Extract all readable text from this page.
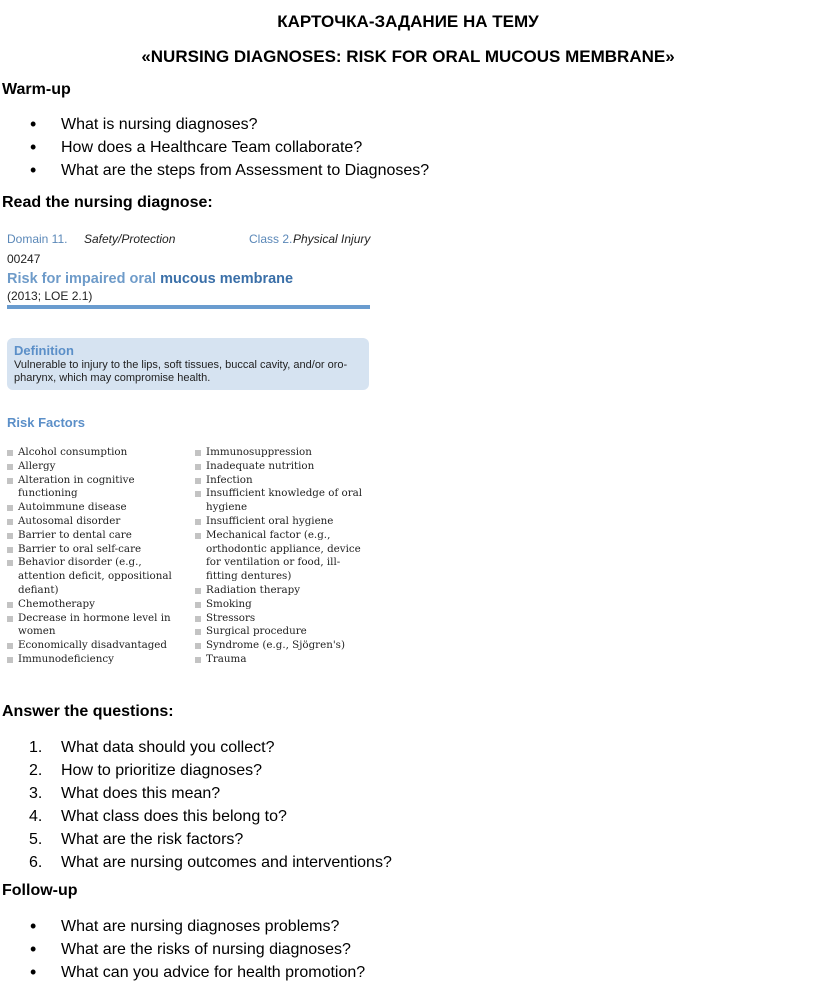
КАРТОЧКА-ЗАДАНИЕ НА ТЕМУ
«NURSING DIAGNOSES: RISK FOR ORAL MUCOUS MEMBRANE»
Warm-up
• What is nursing diagnoses?
• How does a Healthcare Team collaborate?
• What are the steps from Assessment to Diagnoses?
Read the nursing diagnose:
Domain 11. Safety/Protection	Class 2. Physical Injury
00247
Risk for impaired oral mucous membrane
(2013; LOE 2.1)
Definition
Vulnerable to injury to the lips, soft tissues, buccal cavity, and/or oro-pharynx, which may compromise health.
Risk Factors
Alcohol consumption
Allergy
Alteration in cognitive functioning
Autoimmune disease
Autosomal disorder
Barrier to dental care
Barrier to oral self-care
Behavior disorder (e.g., attention deficit, oppositional defiant)
Chemotherapy
Decrease in hormone level in women
Economically disadvantaged
Immunodeficiency
Immunosuppression
Inadequate nutrition
Infection
Insufficient knowledge of oral hygiene
Insufficient oral hygiene
Mechanical factor (e.g., orthodontic appliance, device for ventilation or food, ill-fitting dentures)
Radiation therapy
Smoking
Stressors
Surgical procedure
Syndrome (e.g., Sjögren's)
Trauma
Answer the questions:
1. What data should you collect?
2. How to prioritize diagnoses?
3. What does this mean?
4. What class does this belong to?
5. What are the risk factors?
6. What are nursing outcomes and interventions?
Follow-up
• What are nursing diagnoses problems?
• What are the risks of nursing diagnoses?
• What can you advice for health promotion?
